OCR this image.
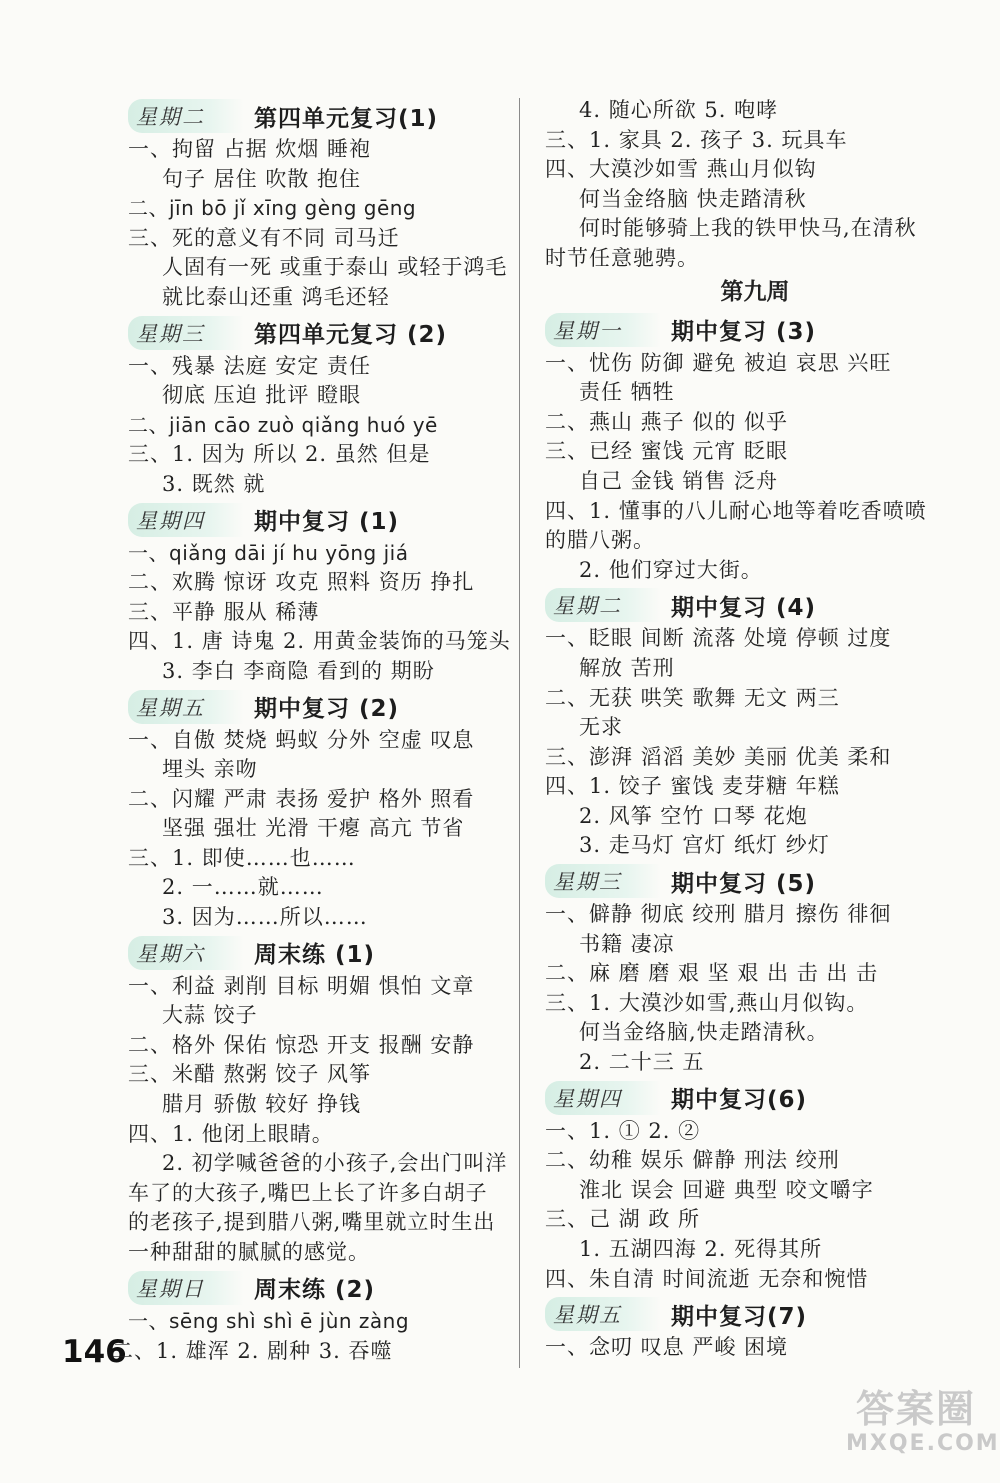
星期二	第四单元复习(1)
一、拘留 占据 炊烟 睡袍
句子 居住 吹散 抱住
二、jīn bō jǐ xīng gèng gēng
三、死的意义有不同 司马迁
人固有一死 或重于泰山 或轻于鸿毛
就比泰山还重 鸿毛还轻
星期三	第四单元复习 (2)
一、残暴 法庭 安定 责任
彻底 压迫 批评 瞪眼
二、jiān cāo zuò qiǎng huó yē
三、1. 因为 所以 2. 虽然 但是
3. 既然 就
星期四	期中复习 (1)
一、qiǎng dāi jí hu yōng jiá
二、欢腾 惊讶 攻克 照料 资历 挣扎
三、平静 服从 稀薄
四、1. 唐 诗鬼 2. 用黄金装饰的马笼头
3. 李白 李商隐 看到的 期盼
星期五	期中复习 (2)
一、自傲 焚烧 蚂蚁 分外 空虚 叹息
埋头 亲吻
二、闪耀 严肃 表扬 爱护 格外 照看
坚强 强壮 光滑 干瘪 高亢 节省
三、1. 即使……也……
2. 一……就……
3. 因为……所以……
星期六	周末练 (1)
一、利益 剥削 目标 明媚 惧怕 文章
大蒜 饺子
二、格外 保佑 惊恐 开支 报酬 安静
三、米醋 熬粥 饺子 风筝
腊月 骄傲 较好 挣钱
四、1. 他闭上眼睛。
2. 初学喊爸爸的小孩子,会出门叫洋
车了的大孩子,嘴巴上长了许多白胡子
的老孩子,提到腊八粥,嘴里就立时生出
一种甜甜的腻腻的感觉。
星期日	周末练 (2)
一、sēng shì shì ē jùn zàng
4. 随心所欲 5. 咆哮
三、1. 家具 2. 孩子 3. 玩具车
四、大漠沙如雪 燕山月似钩
何当金络脑 快走踏清秋
何时能够骑上我的铁甲快马,在清秋
时节任意驰骋。
第九周
星期一	期中复习 (3)
一、忧伤 防御 避免 被迫 哀思 兴旺
责任 牺牲
二、燕山 燕子 似的 似乎
三、已经 蜜饯 元宵 眨眼
自己 金钱 销售 泛舟
四、1. 懂事的八儿耐心地等着吃香喷喷
的腊八粥。
2. 他们穿过大街。
星期二	期中复习 (4)
一、眨眼 间断 流落 处境 停顿 过度
解放 苦刑
二、无获 哄笑 歌舞 无文 两三
无求
三、澎湃 滔滔 美妙 美丽 优美 柔和
四、1. 饺子 蜜饯 麦芽糖 年糕
2. 风筝 空竹 口琴 花炮
3. 走马灯 宫灯 纸灯 纱灯
星期三	期中复习 (5)
一、僻静 彻底 绞刑 腊月 擦伤 徘徊
书籍 凄凉
二、麻 磨 磨 艰 坚 艰 出 击 出 击
三、1. 大漠沙如雪,燕山月似钩。
何当金络脑,快走踏清秋。
2. 二十三 五
星期四	期中复习(6)
一、1. ① 2. ②
二、幼稚 娱乐 僻静 刑法 绞刑
淮北 误会 回避 典型 咬文嚼字
三、己 湖 政 所
1. 五湖四海 2. 死得其所
四、朱自清 时间流逝 无奈和惋惜
星期五	期中复习(7)
一、念叨 叹息 严峻 困境
146
二、1. 雄浑 2. 剧种 3. 吞噬
答案圈
MXQE.COM
